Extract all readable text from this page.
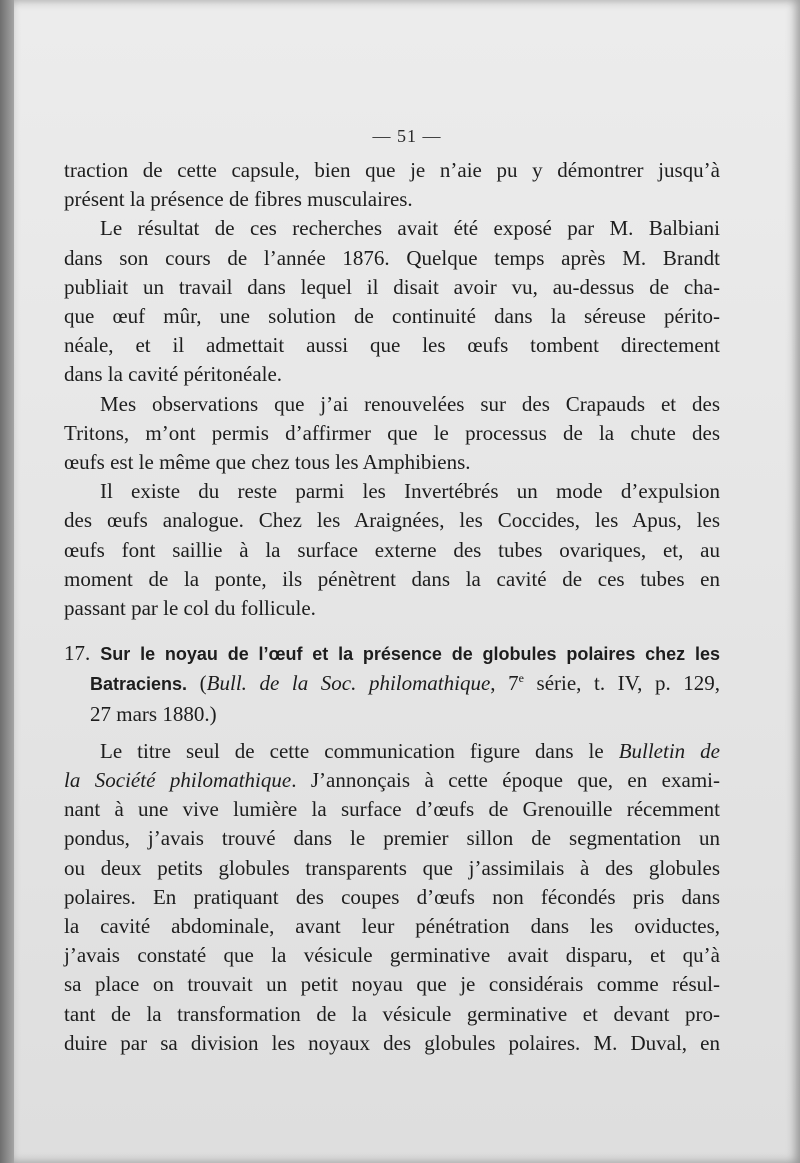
— 51 —
traction de cette capsule, bien que je n’aie pu y démontrer jusqu’à
présent la présence de fibres musculaires.
Le résultat de ces recherches avait été exposé par M. Balbiani
dans son cours de l’année 1876. Quelque temps après M. Brandt
publiait un travail dans lequel il disait avoir vu, au-dessus de cha-
que œuf mûr, une solution de continuité dans la séreuse périto-
néale, et il admettait aussi que les œufs tombent directement
dans la cavité péritonéale.
Mes observations que j’ai renouvelées sur des Crapauds et des
Tritons, m’ont permis d’affirmer que le processus de la chute des
œufs est le même que chez tous les Amphibiens.
Il existe du reste parmi les Invertébrés un mode d’expulsion
des œufs analogue. Chez les Araignées, les Coccides, les Apus, les
œufs font saillie à la surface externe des tubes ovariques, et, au
moment de la ponte, ils pénètrent dans la cavité de ces tubes en
passant par le col du follicule.
17. Sur le noyau de l’œuf et la présence de globules polaires chez les
Batraciens. (Bull. de la Soc. philomathique, 7e série, t. IV, p. 129,
27 mars 1880.)
Le titre seul de cette communication figure dans le Bulletin de
la Société philomathique. J’annonçais à cette époque que, en exami-
nant à une vive lumière la surface d’œufs de Grenouille récemment
pondus, j’avais trouvé dans le premier sillon de segmentation un
ou deux petits globules transparents que j’assimilais à des globules
polaires. En pratiquant des coupes d’œufs non fécondés pris dans
la cavité abdominale, avant leur pénétration dans les oviductes,
j’avais constaté que la vésicule germinative avait disparu, et qu’à
sa place on trouvait un petit noyau que je considérais comme résul-
tant de la transformation de la vésicule germinative et devant pro-
duire par sa division les noyaux des globules polaires. M. Duval, en
